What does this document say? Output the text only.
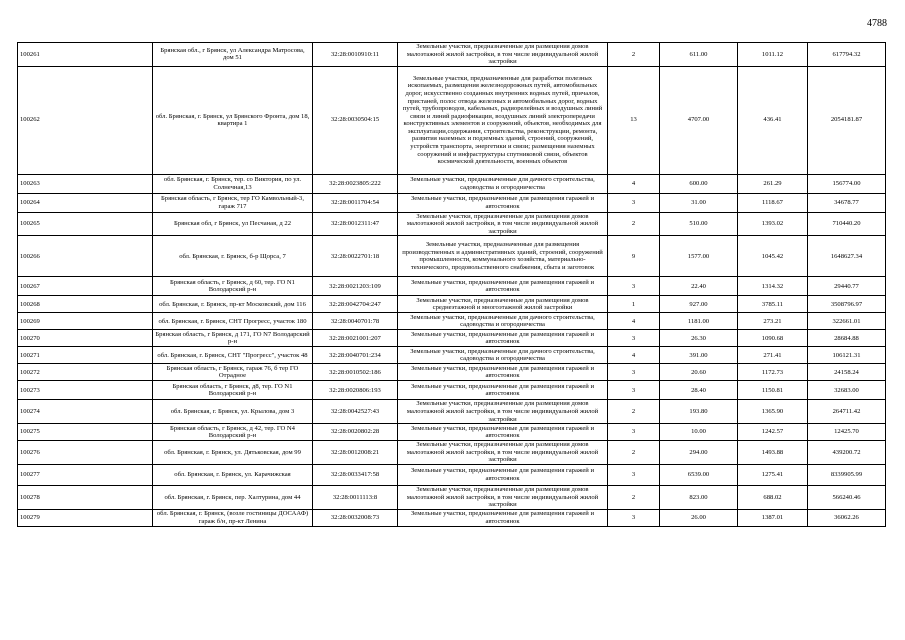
4788
100261	Брянская обл., г Брянск, ул Александра Матросова, дом 51	32:28:0010910:11	Земельные участки, предназначенные для размещения домов малоэтажной жилой застройки, в том числе индивидуальной жилой застройки	2	611.00	1011.12	617794.32
100262	обл. Брянская, г. Брянск, ул Брянского Фронта, дом 18, квартира 1	32:28:0030504:15	Земельные участки, предназначенные для разработки полезных ископаемых, размещения железнодорожных путей, автомобильных дорог, искусственно созданных внутренних водных путей, причалов, пристаней, полос отвода железных и автомобильных дорог, водных путей, трубопроводов, кабельных, радиорелейных и воздушных линий связи и линий радиофикации, воздушных линий электропередачи конструктивных элементов и сооружений, объектов, необходимых для эксплуатации,содержания, строительства, реконструкции, ремонта, развития наземных и подземных зданий, строений, сооружений, устройств транспорта, энергетики и связи; размещения наземных сооружений и инфраструктуры спутниковой связи, объектов космической деятельности, военных объектов	13	4707.00	436.41	2054181.87
100263	обл. Брянская, г. Брянск, тер. со Виктория, по ул. Солнечная,13	32:28:0023805:222	Земельные участки, предназначенные для дачного строительства, садоводства и огородничества	4	600.00	261.29	156774.00
100264	Брянская область, г Брянск, тер ГО Камвольный-3, гараж 717	32:28:0011704:54	Земельные участки, предназначенные для размещения гаражей и автостоянок	3	31.00	1118.67	34678.77
100265	Брянская обл, г Брянск, ул Песчаная, д 22	32:28:0012311:47	Земельные участки, предназначенные для размещения домов малоэтажной жилой застройки, в том числе индивидуальной жилой застройки	2	510.00	1393.02	710440.20
100266	обл. Брянская, г. Брянск, б-р Щорса, 7	32:28:0022701:18	Земельные участки, предназначенные для размещения производственных и административных зданий, строений, сооружений промышленности, коммунального хозяйства, материально-технического, продовольственного снабжения, сбыта и заготовок	9	1577.00	1045.42	1648627.34
100267	Брянская область, г Брянск, д 60, тер. ГО N1 Володарский р-н	32:28:0021203:109	Земельные участки, предназначенные для размещения гаражей и автостоянок	3	22.40	1314.32	29440.77
100268	обл. Брянская, г. Брянск, пр-кт Московский, дом 116	32:28:0042704:247	Земельные участки, предназначенные для размещения домов среднеэтажной и многоэтажной жилой застройки	1	927.00	3785.11	3508796.97
100269	обл. Брянская, г. Брянск, СНТ Прогресс, участок 180	32:28:0040701:78	Земельные участки, предназначенные для дачного строительства, садоводства и огородничества	4	1181.00	273.21	322661.01
100270	Брянская область, г Брянск, д 171, ГО N7 Володарский р-н	32:28:0021001:207	Земельные участки, предназначенные для размещения гаражей и автостоянок	3	26.30	1090.68	28684.88
100271	обл. Брянская, г. Брянск, СНТ "Прогресс", участок 48	32:28:0040701:234	Земельные участки, предназначенные для дачного строительства, садоводства и огородничества	4	391.00	271.41	106121.31
100272	Брянская область, г Брянск, гараж 76, б тер ГО Отрадное	32:28:0010502:186	Земельные участки, предназначенные для размещения гаражей и автостоянок	3	20.60	1172.73	24158.24
100273	Брянская область, г Брянск, д8, тер. ГО N1 Володарский р-н	32:28:0020806:193	Земельные участки, предназначенные для размещения гаражей и автостоянок	3	28.40	1150.81	32683.00
100274	обл. Брянская, г. Брянск, ул. Крылова, дом 3	32:28:0042527:43	Земельные участки, предназначенные для размещения домов малоэтажной жилой застройки, в том числе индивидуальной жилой застройки	2	193.80	1365.90	264711.42
100275	Брянская область, г Брянск, д 42, тер. ГО N4 Володарский р-н	32:28:0020802:28	Земельные участки, предназначенные для размещения гаражей и автостоянок	3	10.00	1242.57	12425.70
100276	обл. Брянская, г. Брянск, ул. Дятьковская, дом 99	32:28:0012008:21	Земельные участки, предназначенные для размещения домов малоэтажной жилой застройки, в том числе индивидуальной жилой застройки	2	294.00	1493.88	439200.72
100277	обл. Брянская, г. Брянск, ул. Карачижская	32:28:0033417:58	Земельные участки, предназначенные для размещения гаражей и автостоянок	3	6539.00	1275.41	8339905.99
100278	обл. Брянская, г. Брянск, пер. Халтурина, дом 44	32:28:0011113:8	Земельные участки, предназначенные для размещения домов малоэтажной жилой застройки, в том числе индивидуальной жилой застройки	2	823.00	688.02	566240.46
100279	обл. Брянская, г. Брянск, (возле гостиницы ДОСААФ) гараж б/н, пр-кт Ленина	32:28:0032008:73	Земельные участки, предназначенные для размещения гаражей и автостоянок	3	26.00	1387.01	36062.26
